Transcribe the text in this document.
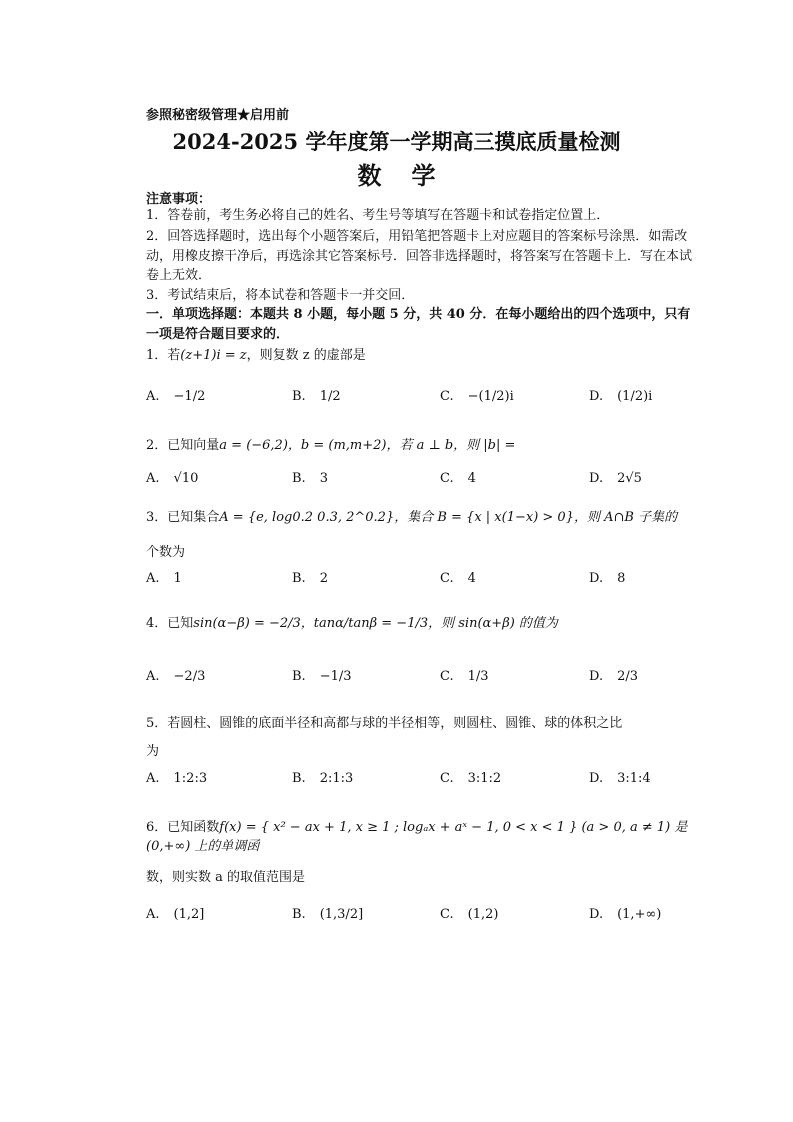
参照秘密级管理★启用前
2024-2025 学年度第一学期高三摸底质量检测
数学
注意事项：
1．答卷前，考生务必将自己的姓名、考生号等填写在答题卡和试卷指定位置上．
2．回答选择题时，选出每个小题答案后，用铅笔把答题卡上对应题目的答案标号涂黑．如需改动，用橡皮擦干净后，再选涂其它答案标号．回答非选择题时，将答案写在答题卡上．写在本试卷上无效．
3．考试结束后，将本试卷和答题卡一并交回．
一．单项选择题：本题共 8 小题，每小题 5 分，共 40 分．在每小题给出的四个选项中，只有一项是符合题目要求的．
1．若(z+1)i = z，则复数 z 的虚部是
A. −1/2	B. 1/2	C. −(1/2)i	D. (1/2)i
2．已知向量a = (−6,2)，b = (m,m+2)，若 a ⊥ b，则 |b| =
A. √10	B. 3	C. 4	D. 2√5
3．已知集合A = {e, log0.2 0.3, 2^0.2}，集合 B = {x | x(1−x) > 0}，则 A∩B 子集的
个数为
A. 1	B. 2	C. 4	D. 8
4．已知sin(α−β) = −2/3，tanα/tanβ = −1/3，则 sin(α+β) 的值为
A. −2/3	B. −1/3	C. 1/3	D. 2/3
5．若圆柱、圆锥的底面半径和高都与球的半径相等，则圆柱、圆锥、球的体积之比
为
A. 1:2:3	B. 2:1:3	C. 3:1:2	D. 3:1:4
6．已知函数f(x) = { x² − ax + 1, x ≥ 1 ; logₐx + aˣ − 1, 0 < x < 1 } (a > 0, a ≠ 1) 是 (0,+∞) 上的单调函
数，则实数 a 的取值范围是
A. (1,2]	B. (1,3/2]	C. (1,2)	D. (1,+∞)
